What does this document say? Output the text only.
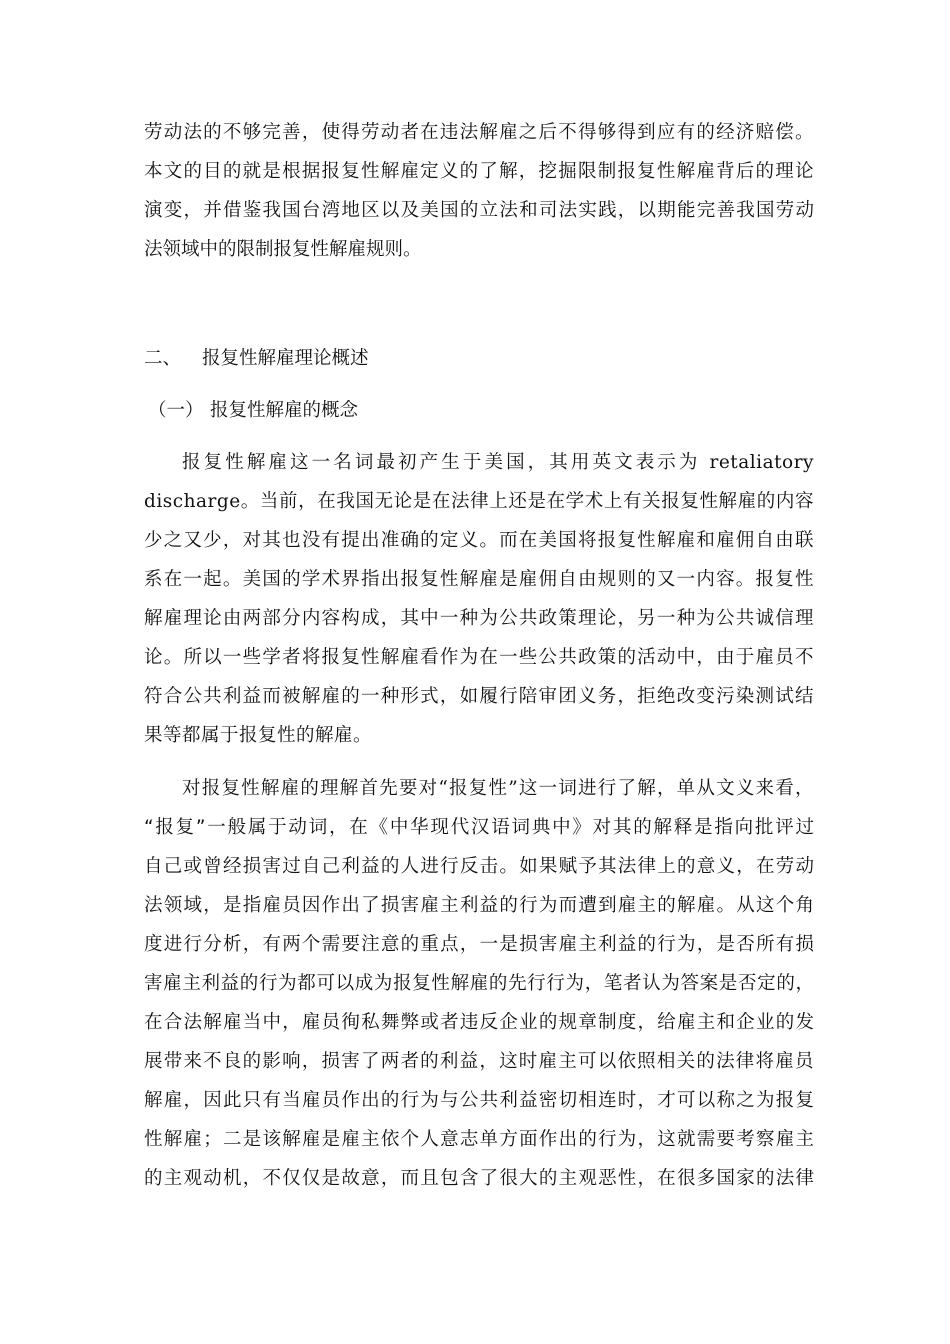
劳动法的不够完善，使得劳动者在违法解雇之后不得够得到应有的经济赔偿。
本文的目的就是根据报复性解雇定义的了解，挖掘限制报复性解雇背后的理论
演变，并借鉴我国台湾地区以及美国的立法和司法实践，以期能完善我国劳动
法领域中的限制报复性解雇规则。
二、 报复性解雇理论概述
（一） 报复性解雇的概念
报复性解雇这一名词最初产生于美国，其用英文表示为 retaliatory
discharge。当前，在我国无论是在法律上还是在学术上有关报复性解雇的内容
少之又少，对其也没有提出准确的定义。而在美国将报复性解雇和雇佣自由联
系在一起。美国的学术界指出报复性解雇是雇佣自由规则的又一内容。报复性
解雇理论由两部分内容构成，其中一种为公共政策理论，另一种为公共诚信理
论。所以一些学者将报复性解雇看作为在一些公共政策的活动中，由于雇员不
符合公共利益而被解雇的一种形式，如履行陪审团义务，拒绝改变污染测试结
果等都属于报复性的解雇。
对报复性解雇的理解首先要对“报复性”这一词进行了解，单从文义来看，
“报复”一般属于动词，在《中华现代汉语词典中》对其的解释是指向批评过
自己或曾经损害过自己利益的人进行反击。如果赋予其法律上的意义，在劳动
法领域，是指雇员因作出了损害雇主利益的行为而遭到雇主的解雇。从这个角
度进行分析，有两个需要注意的重点，一是损害雇主利益的行为，是否所有损
害雇主利益的行为都可以成为报复性解雇的先行行为，笔者认为答案是否定的，
在合法解雇当中，雇员徇私舞弊或者违反企业的规章制度，给雇主和企业的发
展带来不良的影响，损害了两者的利益，这时雇主可以依照相关的法律将雇员
解雇，因此只有当雇员作出的行为与公共利益密切相连时，才可以称之为报复
性解雇；二是该解雇是雇主依个人意志单方面作出的行为，这就需要考察雇主
的主观动机，不仅仅是故意，而且包含了很大的主观恶性，在很多国家的法律
